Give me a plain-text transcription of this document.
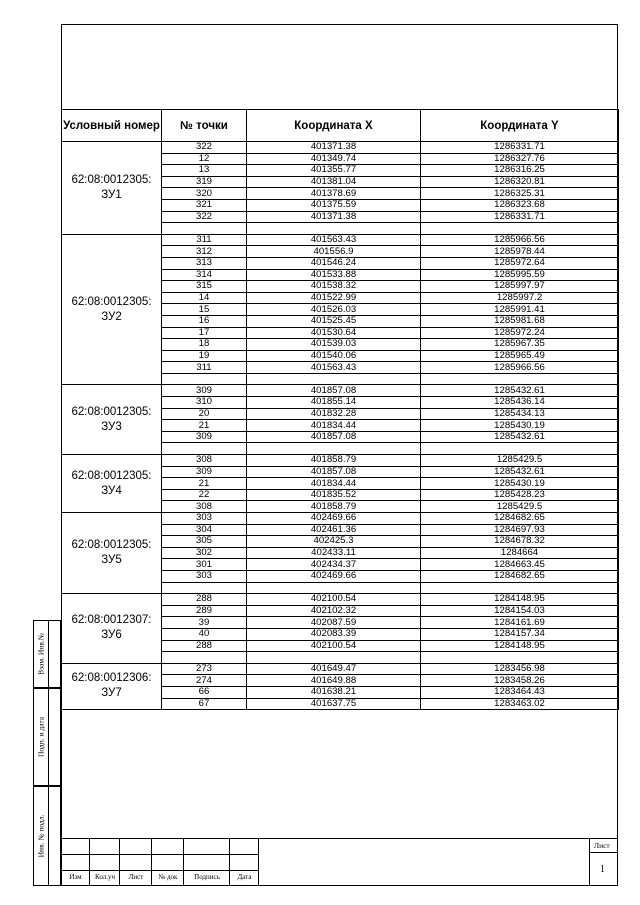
Условный номер	№ точки	Координата X	Координата Y
62:08:0012305: ЗУ1	322	401371.38	1286331.71
	12	401349.74	1286327.76
	13	401355.77	1286316.25
	319	401381.04	1286320.81
	320	401378.69	1286325.31
	321	401375.59	1286323.68
	322	401371.38	1286331.71

62:08:0012305: ЗУ2	311	401563.43	1285966.56
	312	401556.9	1285978.44
	313	401546.24	1285972.64
	314	401533.88	1285995.59
	315	401538.32	1285997.97
	14	401522.99	1285997.2
	15	401526.03	1285991.41
	16	401525.45	1285981.68
	17	401530.64	1285972.24
	18	401539.03	1285967.35
	19	401540.06	1285965.49
	311	401563.43	1285966.56

62:08:0012305: ЗУ3	309	401857.08	1285432.61
	310	401855.14	1285436.14
	20	401832.28	1285434.13
	21	401834.44	1285430.19
	309	401857.08	1285432.61

62:08:0012305: ЗУ4	308	401858.79	1285429.5
	309	401857.08	1285432.61
	21	401834.44	1285430.19
	22	401835.52	1285428.23
	308	401858.79	1285429.5
62:08:0012305: ЗУ5	303	402469.66	1284682.65
	304	402461.36	1284697.93
	305	402425.3	1284678.32
	302	402433.11	1284664
	301	402434.37	1284663.45
	303	402469.66	1284682.65

62:08:0012307: ЗУ6	288	402100.54	1284148.95
	289	402102.32	1284154.03
	39	402087.59	1284161.69
	40	402083.39	1284157.34
	288	402100.54	1284148.95

62:08:0012306: ЗУ7	273	401649.47	1283456.98
	274	401649.88	1283458.26
	66	401638.21	1283464.43
	67	401637.75	1283463.02
Изм	Кол.уч	Лист	№ док	Подпись	Дата
Лист
1
Взам. Инв.№
Подп. и дата
Инв. № подл.
